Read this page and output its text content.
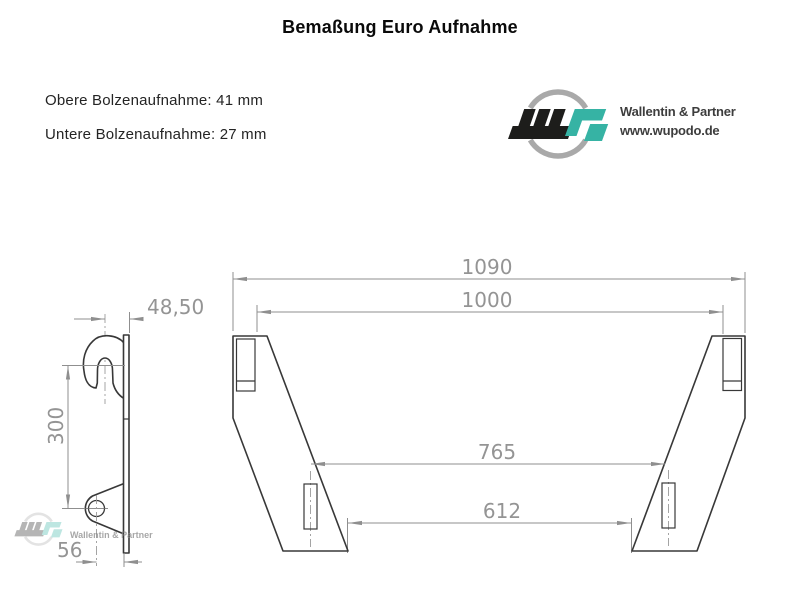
Bemaßung Euro Aufnahme
Obere Bolzenaufnahme: 41 mm
Untere Bolzenaufnahme: 27 mm
Wallentin & Partner
www.wupodo.de
1090
1000
765
612
48,50
300
56
Wallentin & Partner
